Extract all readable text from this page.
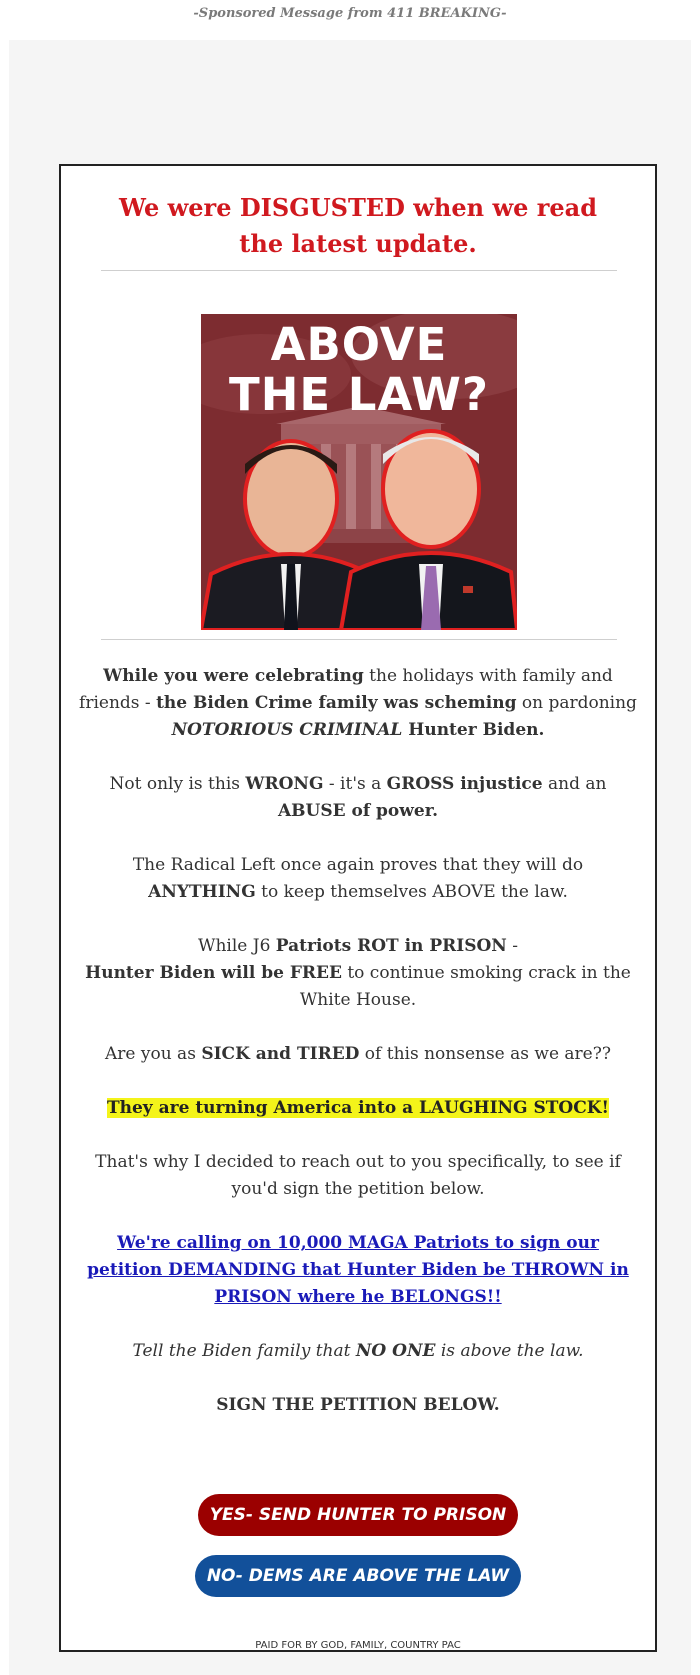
-Sponsored Message from 411 BREAKING-
We were DISGUSTED when we read the latest update.
ABOVE
THE LAW?

While you were celebrating the holidays with family and friends - the Biden Crime family was scheming on pardoning
NOTORIOUS CRIMINAL Hunter Biden.

Not only is this WRONG - it's a GROSS injustice and an
ABUSE of power.

The Radical Left once again proves that they will do ANYTHING to keep themselves ABOVE the law.

While J6 Patriots ROT in PRISON -
Hunter Biden will be FREE to continue smoking crack in the White House.

Are you as SICK and TIRED of this nonsense as we are??

They are turning America into a LAUGHING STOCK!

That's why I decided to reach out to you specifically, to see if you'd sign the petition below.

We're calling on 10,000 MAGA Patriots to sign our petition DEMANDING that Hunter Biden be THROWN in PRISON where he BELONGS!!

Tell the Biden family that NO ONE is above the law.

SIGN THE PETITION BELOW.

YES- SEND HUNTER TO PRISON
NO- DEMS ARE ABOVE THE LAW
PAID FOR BY GOD, FAMILY, COUNTRY PAC
